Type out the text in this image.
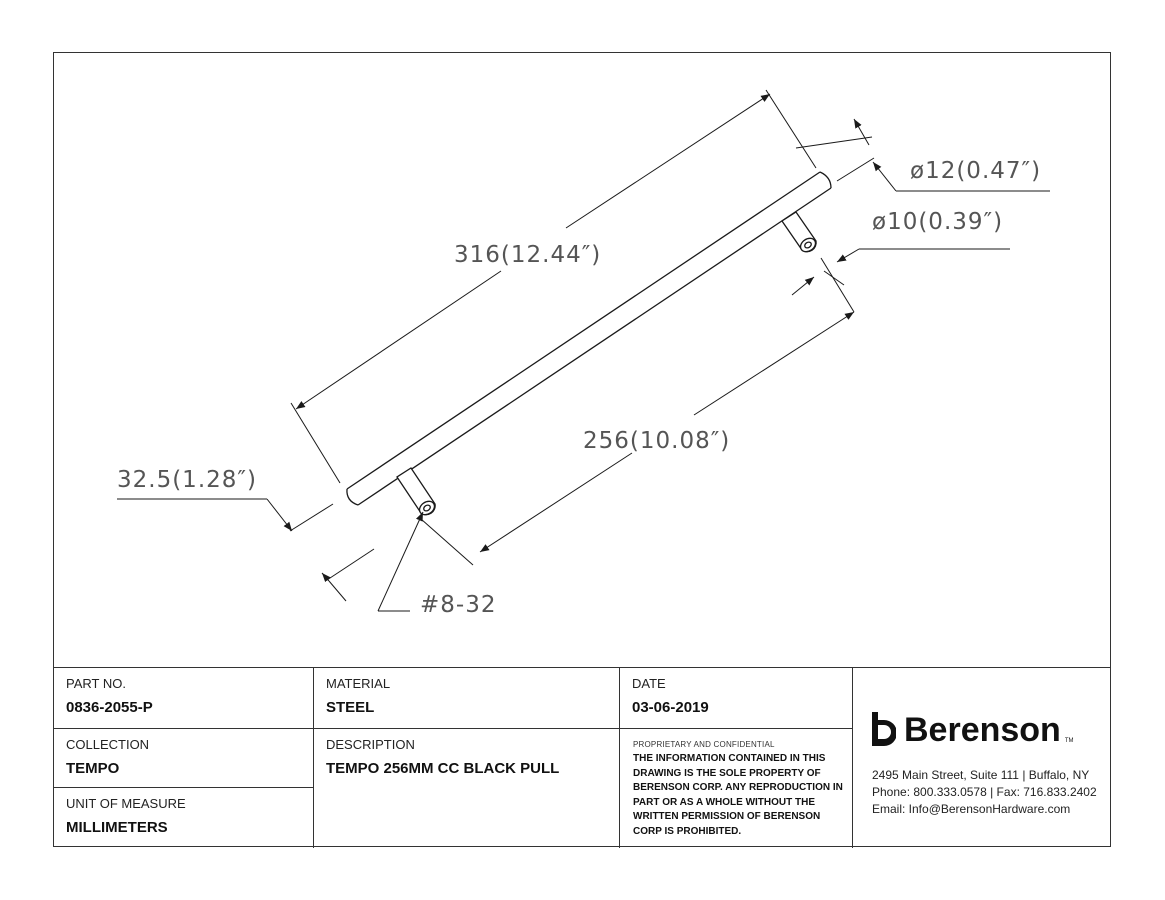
316(12.44″)
ø12(0.47″)
ø10(0.39″)
256(10.08″)
32.5(1.28″)
#8-32
PART NO.
0836-2055-P
MATERIAL
STEEL
DATE
03-06-2019
COLLECTION
TEMPO
DESCRIPTION
TEMPO 256MM CC BLACK PULL
UNIT OF MEASURE
MILLIMETERS
PROPRIETARY AND CONFIDENTIAL
THE INFORMATION CONTAINED IN THIS DRAWING IS THE SOLE PROPERTY OF BERENSON CORP. ANY REPRODUCTION IN PART OR AS A WHOLE WITHOUT THE WRITTEN PERMISSION OF BERENSON CORP IS PROHIBITED.
Berenson TM
2495 Main Street, Suite 111 | Buffalo, NY
Phone: 800.333.0578 | Fax: 716.833.2402
Email: Info@BerensonHardware.com
